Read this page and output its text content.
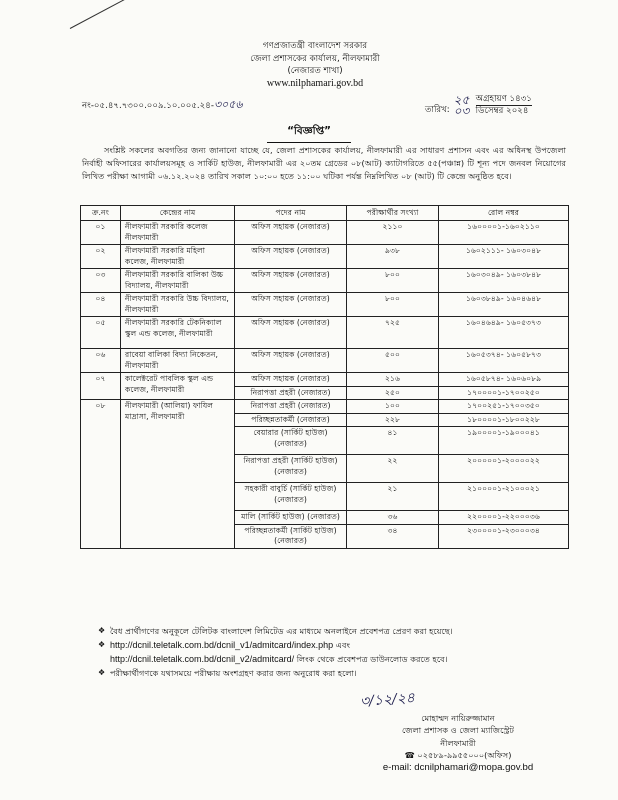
গণপ্রজাতন্ত্রী বাংলাদেশ সরকার
জেলা প্রশাসকের কার্যালয়, নীলফামারী
(নেজারত শাখা)
www.nilphamari.gov.bd
নং-০৫.৪৭.৭৩০০.০০৯.১০.০০৫.২৪-৩০৫৬	তারিখ:
২৫ অগ্রহায়ণ ১৪৩১
০৩ ডিসেম্বর ২০২৪
“বিজ্ঞপ্তি”
সংশ্লিষ্ট সকলের অবগতির জন্য জানানো যাচ্ছে যে, জেলা প্রশাসকের কার্যালয়, নীলফামারী এর সাধারণ প্রশাসন এবং এর অধিনস্থ উপজেলা নির্বাহী অফিসারের কার্যালয়সমূহ ও সার্কিট হাউজ, নীলফামারী এর ২০তম গ্রেডের ০৮(আট) ক্যাটাগরিতে ৫৫(পঞ্চান্ন) টি শূন্য পদে জনবল নিয়োগের লিখিত পরীক্ষা আগামী ০৬.১২.২০২৪ তারিখ সকাল ১০:০০ হতে ১১:০০ ঘটিকা পর্যন্ত নিম্নলিখিত ০৮ (আট) টি কেন্দ্রে অনুষ্ঠিত হবে।
ক্র.নং	কেন্দ্রের নাম	পদের নাম	পরীক্ষার্থীর সংখ্যা	রোল নম্বর
০১	নীলফামারী সরকারি কলেজ নীলফামারী	অফিস সহায়ক (নেজারত)	২১১০	১৬০০০০১-১৬০২১১০
০২	নীলফামারী সরকারি মহিলা কলেজ, নীলফামারী	অফিস সহায়ক (নেজারত)	৯৩৮	১৬০২১১১- ১৬০৩০৪৮
০৩	নীলফামারী সরকারি বালিকা উচ্চ বিদ্যালয়, নীলফামারী	অফিস সহায়ক (নেজারত)	৮০০	১৬০৩০৪৯- ১৬০৩৮৪৮
০৪	নীলফামারী সরকারি উচ্চ বিদ্যালয়, নীলফামারী	অফিস সহায়ক (নেজারত)	৮০০	১৬০৩৮৪৯- ১৬০৪৬৪৮
০৫	নীলফামারী সরকারি টেকনিক্যাল স্কুল এন্ড কলেজ, নীলফামারী	অফিস সহায়ক (নেজারত)	৭২৫	১৬০৪৬৪৯- ১৬০৫৩৭৩
০৬	রাবেয়া বালিকা বিদ্যা নিকেতন, নীলফামারী	অফিস সহায়ক (নেজারত)	৫০০	১৬০৫৩৭৪- ১৬০৫৮৭৩
০৭	কালেক্টরেট পাবলিক স্কুল এন্ড কলেজ, নীলফামারী	অফিস সহায়ক (নেজারত)	২১৬	১৬০৫৮৭৪- ১৬০৬০৮৯
		নিরাপত্তা প্রহরী (নেজারত)	২৫০	১৭০০০০১-১৭০০২৫০
০৮	নীলফামারী (আলিয়া) ফাযিল মাদ্রাসা, নীলফামারী	নিরাপত্তা প্রহরী (নেজারত)	১০০	১৭০০২৫১-১৭০০৩৫০
		পরিচ্ছন্নতাকর্মী (নেজারত)	২২৮	১৮০০০০১-১৮০০২২৮
		বেয়ারার (সার্কিট হাউজ) (নেজারত)	৪১	১৯০০০০১-১৯০০০৪১
		নিরাপত্তা প্রহরী (সার্কিট হাউজ) (নেজারত)	২২	২০০০০০১-২০০০০২২
		সহকারী বাবুর্চি (সার্কিট হাউজ) (নেজারত)	২১	২১০০০০১-২১০০০২১
		মালি (সার্কিট হাউজ) (নেজারত)	৩৬	২২০০০০১-২২০০০৩৬
		পরিচ্ছন্নতাকর্মী (সার্কিট হাউজ) (নেজারত)	৩৪	২৩০০০০১-২৩০০০৩৪
❖ বৈধ প্রার্থীগণের অনুকূলে টেলিটক বাংলাদেশ লিমিটেড এর মাধ্যমে অনলাইনে প্রবেশপত্র প্রেরণ করা হয়েছে।
❖ http://dcnil.teletalk.com.bd/dcnil_v1/admitcard/index.php এবং
http://dcnil.teletalk.com.bd/dcnil_v2/admitcard/ লিংক থেকে প্রবেশপত্র ডাউনলোড করতে হবে।
❖ পরীক্ষার্থীগণকে যথাসময়ে পরীক্ষায় অংশগ্রহণ করার জন্য অনুরোধ করা হলো।
৩/১২/২৪
মোহাম্মদ নায়িরুজ্জামান
জেলা প্রশাসক ও জেলা ম্যাজিস্ট্রেট
নীলফামারী
☎ ০২৫৮৯-৯৯৫৫০০০(অফিস)
e-mail: dcnilphamari@mopa.gov.bd
